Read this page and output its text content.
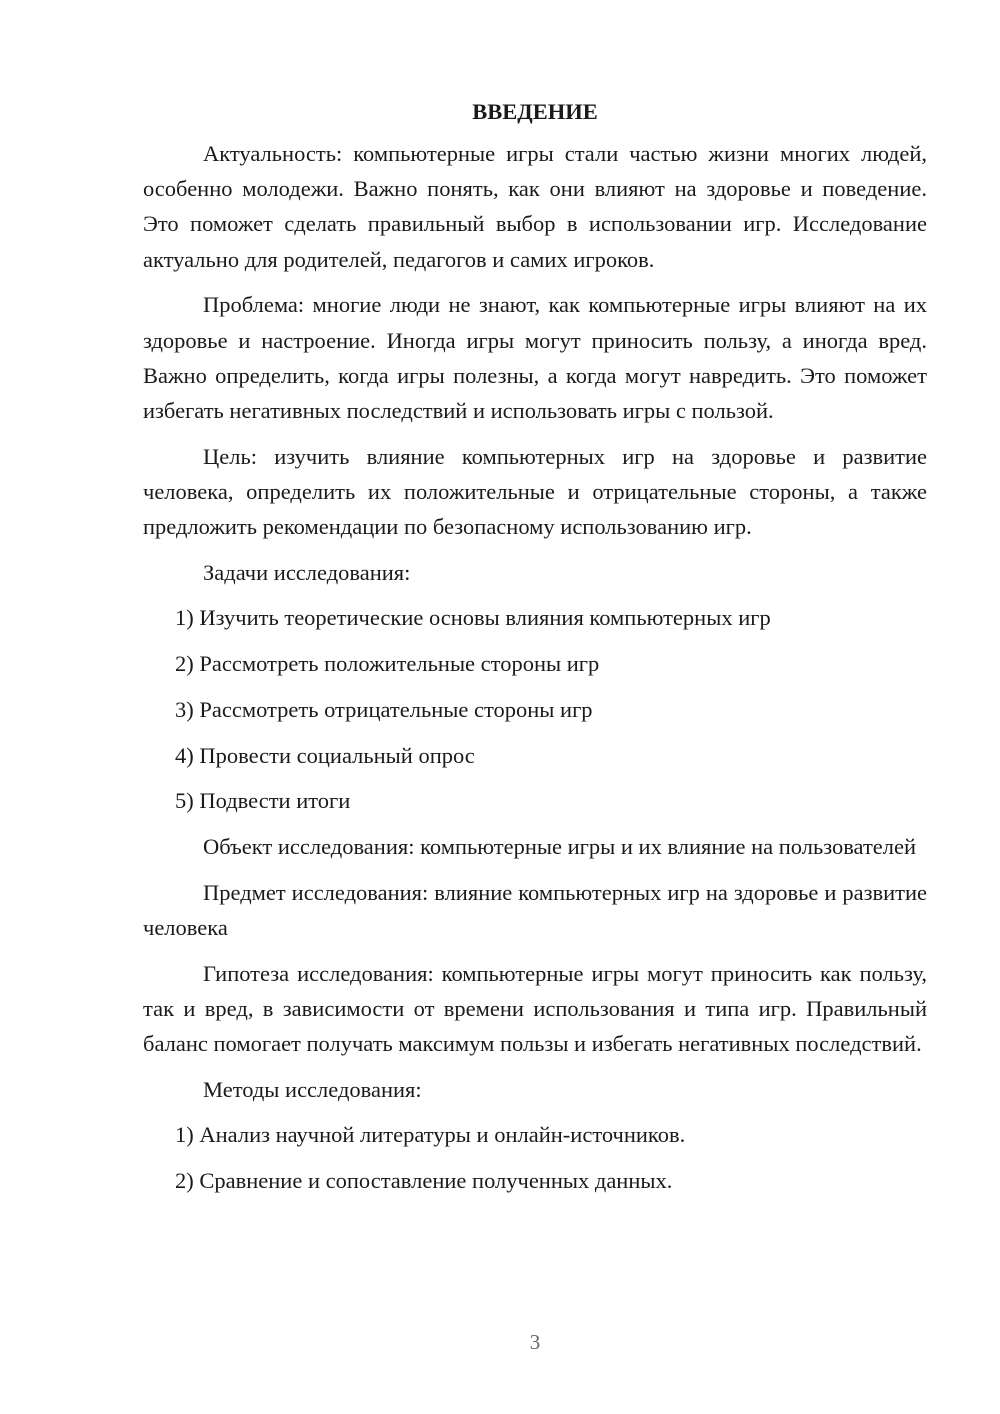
ВВЕДЕНИЕ

Актуальность: компьютерные игры стали частью жизни многих людей, особенно молодежи. Важно понять, как они влияют на здоровье и поведение. Это поможет сделать правильный выбор в использовании игр. Исследование актуально для родителей, педагогов и самих игроков.

Проблема: многие люди не знают, как компьютерные игры влияют на их здоровье и настроение. Иногда игры могут приносить пользу, а иногда вред. Важно определить, когда игры полезны, а когда могут навредить. Это поможет избегать негативных последствий и использовать игры с пользой.

Цель: изучить влияние компьютерных игр на здоровье и развитие человека, определить их положительные и отрицательные стороны, а также предложить рекомендации по безопасному использованию игр.

Задачи исследования:
1) Изучить теоретические основы влияния компьютерных игр
2) Рассмотреть положительные стороны игр
3) Рассмотреть отрицательные стороны игр
4) Провести социальный опрос
5) Подвести итоги

Объект исследования: компьютерные игры и их влияние на пользователей

Предмет исследования: влияние компьютерных игр на здоровье и развитие человека

Гипотеза исследования: компьютерные игры могут приносить как пользу, так и вред, в зависимости от времени использования и типа игр. Правильный баланс помогает получать максимум пользы и избегать негативных последствий.

Методы исследования:
1) Анализ научной литературы и онлайн-источников.
2) Сравнение и сопоставление полученных данных.
3
